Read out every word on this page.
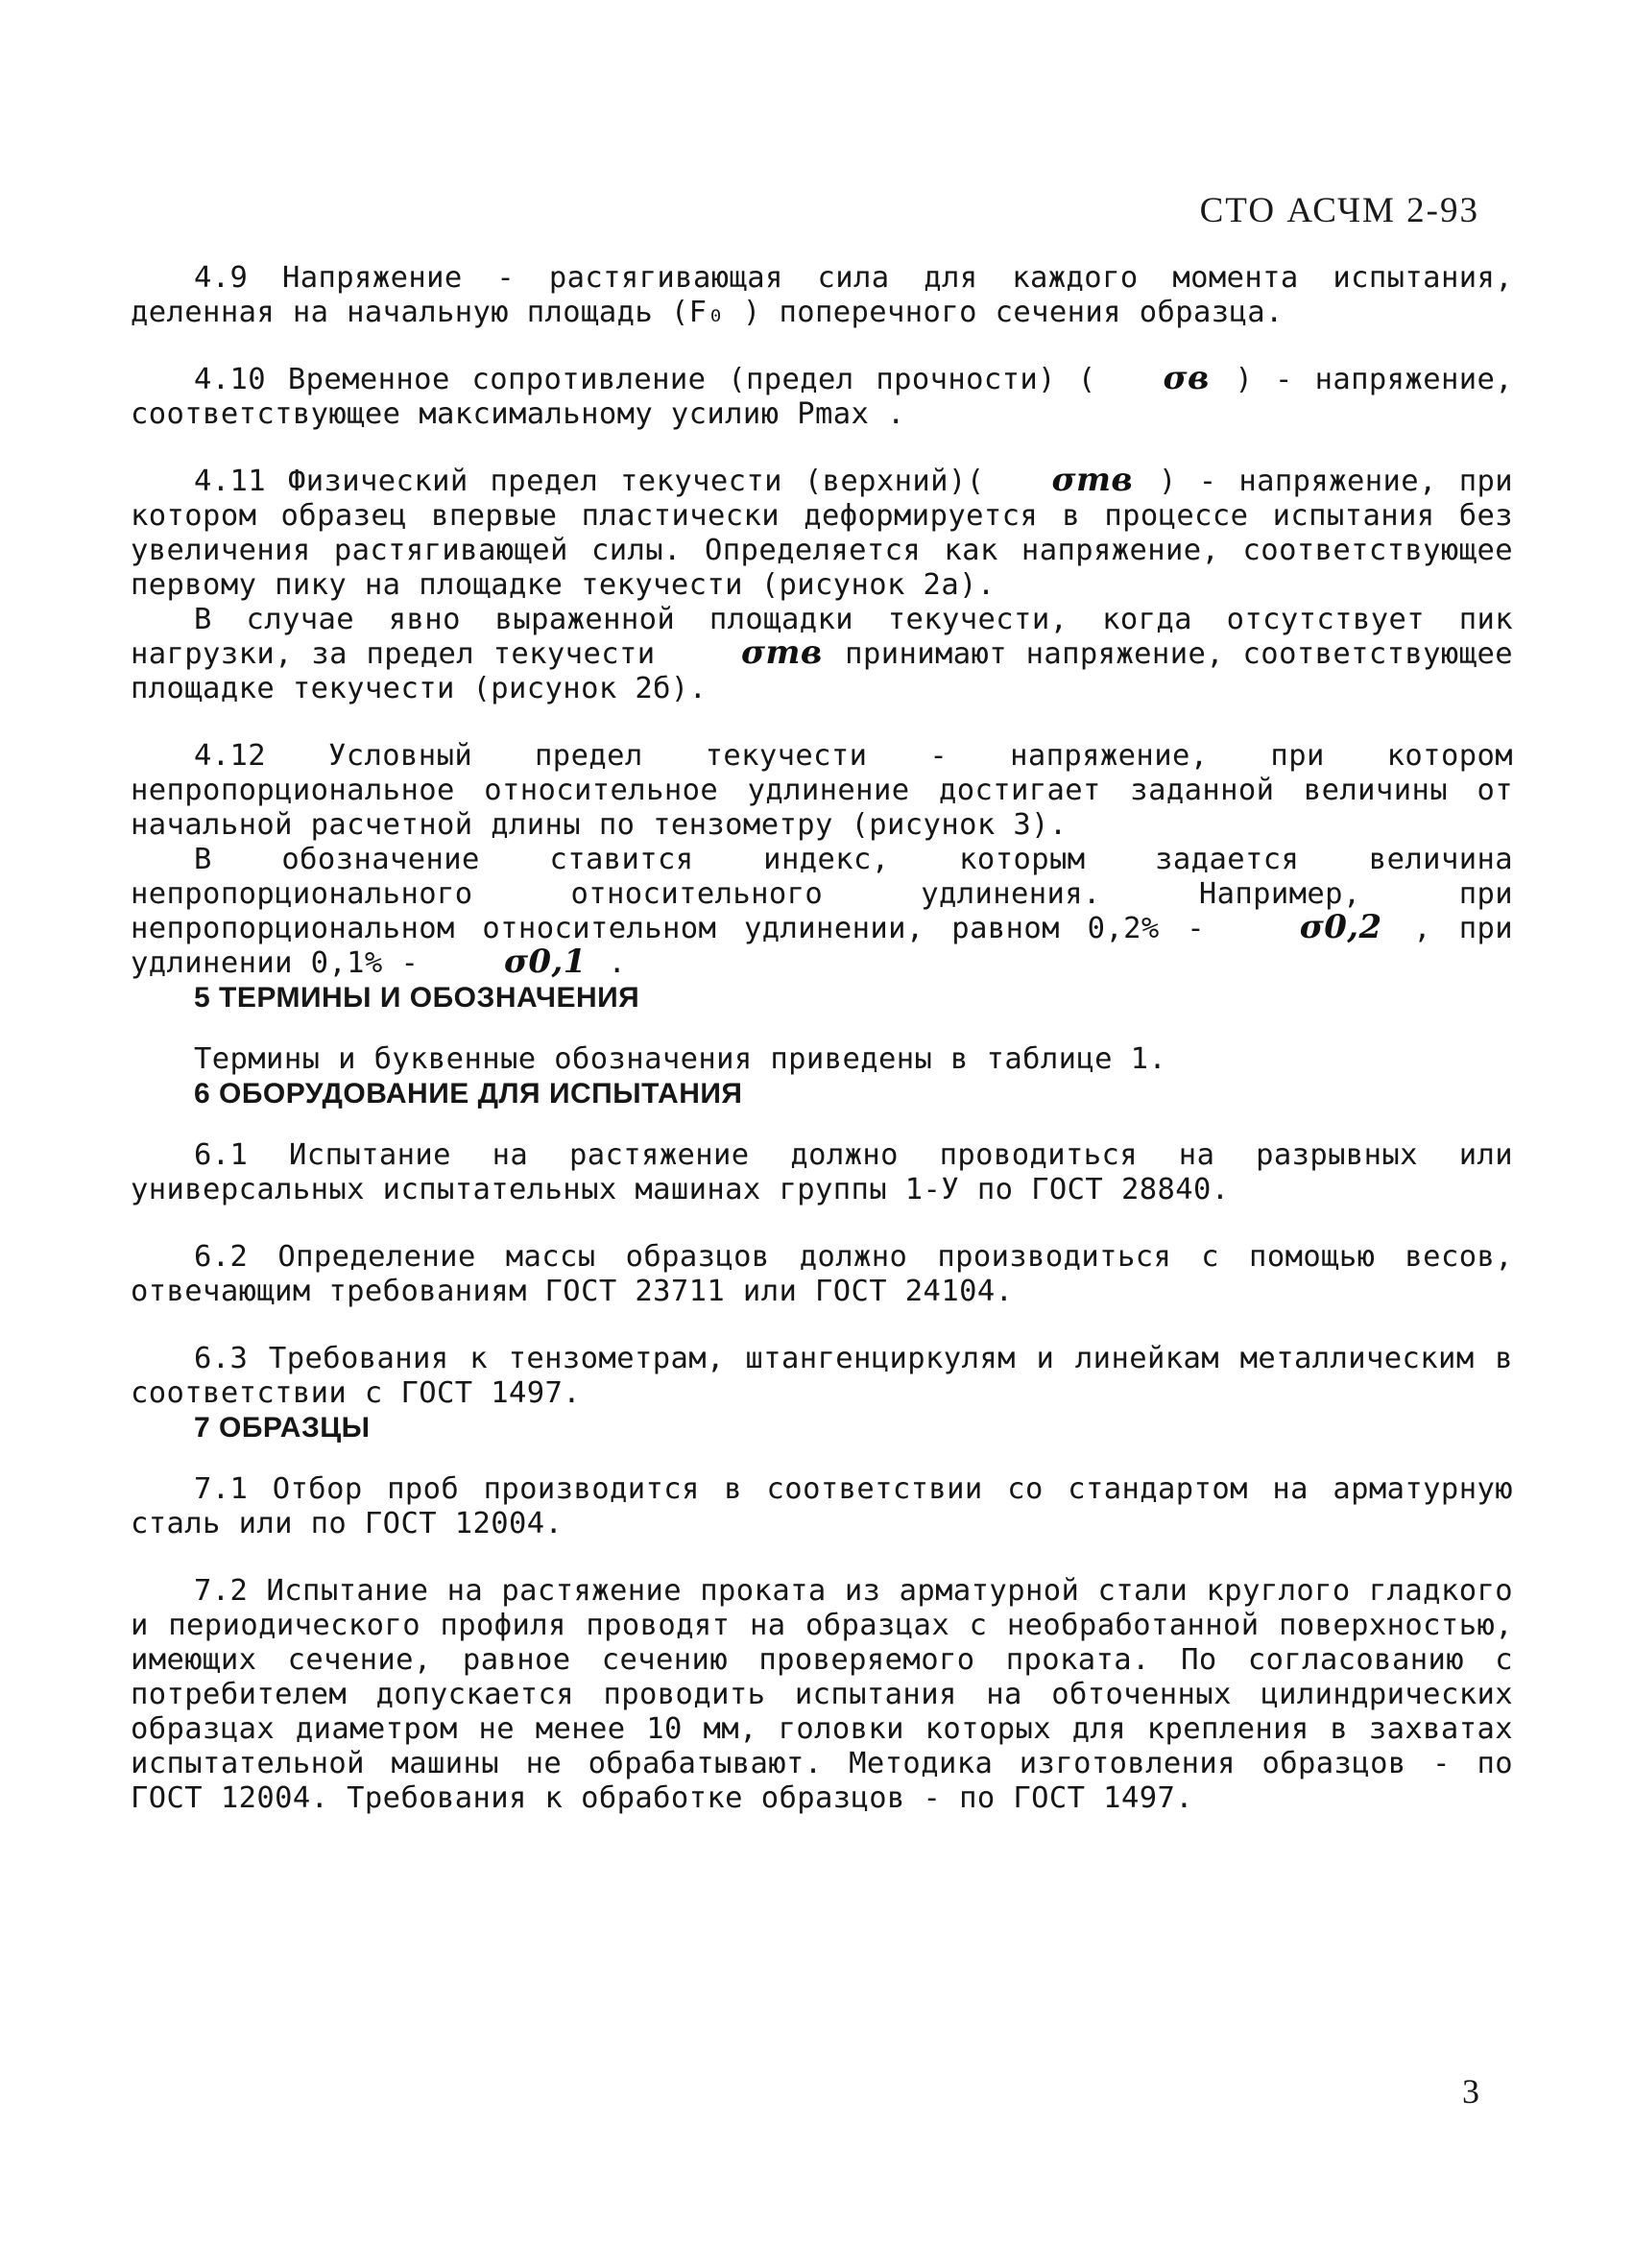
СТО АСЧМ 2-93

4.9 Напряжение - растягивающая сила для каждого момента испытания, деленная на начальную площадь (F₀ ) поперечного сечения образца.

4.10 Временное сопротивление (предел прочности) ( σв ) - напряжение, соответствующее максимальному усилию Pmax .

4.11 Физический предел текучести (верхний)( σтв ) - напряжение, при котором образец впервые пластически деформируется в процессе испытания без увеличения растягивающей силы. Определяется как напряжение, соответствующее первому пику на площадке текучести (рисунок 2а).

В случае явно выраженной площадки текучести, когда отсутствует пик нагрузки, за предел текучести σтв принимают напряжение, соответствующее площадке текучести (рисунок 2б).

4.12 Условный предел текучести - напряжение, при котором непропорциональное относительное удлинение достигает заданной величины от начальной расчетной длины по тензометру (рисунок 3).

В обозначение ставится индекс, которым задается величина непропорционального относительного удлинения. Например, при непропорциональном относительном удлинении, равном 0,2% - σ0,2 , при удлинении 0,1% - σ0,1 .

5 ТЕРМИНЫ И ОБОЗНАЧЕНИЯ

Термины и буквенные обозначения приведены в таблице 1.

6 ОБОРУДОВАНИЕ ДЛЯ ИСПЫТАНИЯ

6.1 Испытание на растяжение должно проводиться на разрывных или универсальных испытательных машинах группы 1-У по ГОСТ 28840.

6.2 Определение массы образцов должно производиться с помощью весов, отвечающим требованиям ГОСТ 23711 или ГОСТ 24104.

6.3 Требования к тензометрам, штангенциркулям и линейкам металлическим в соответствии с ГОСТ 1497.

7 ОБРАЗЦЫ

7.1 Отбор проб производится в соответствии со стандартом на арматурную сталь или по ГОСТ 12004.

7.2 Испытание на растяжение проката из арматурной стали круглого гладкого и периодического профиля проводят на образцах с необработанной поверхностью, имеющих сечение, равное сечению проверяемого проката. По согласованию с потребителем допускается проводить испытания на обточенных цилиндрических образцах диаметром не менее 10 мм, головки которых для крепления в захватах испытательной машины не обрабатывают. Методика изготовления образцов - по ГОСТ 12004. Требования к обработке образцов - по ГОСТ 1497.

3
